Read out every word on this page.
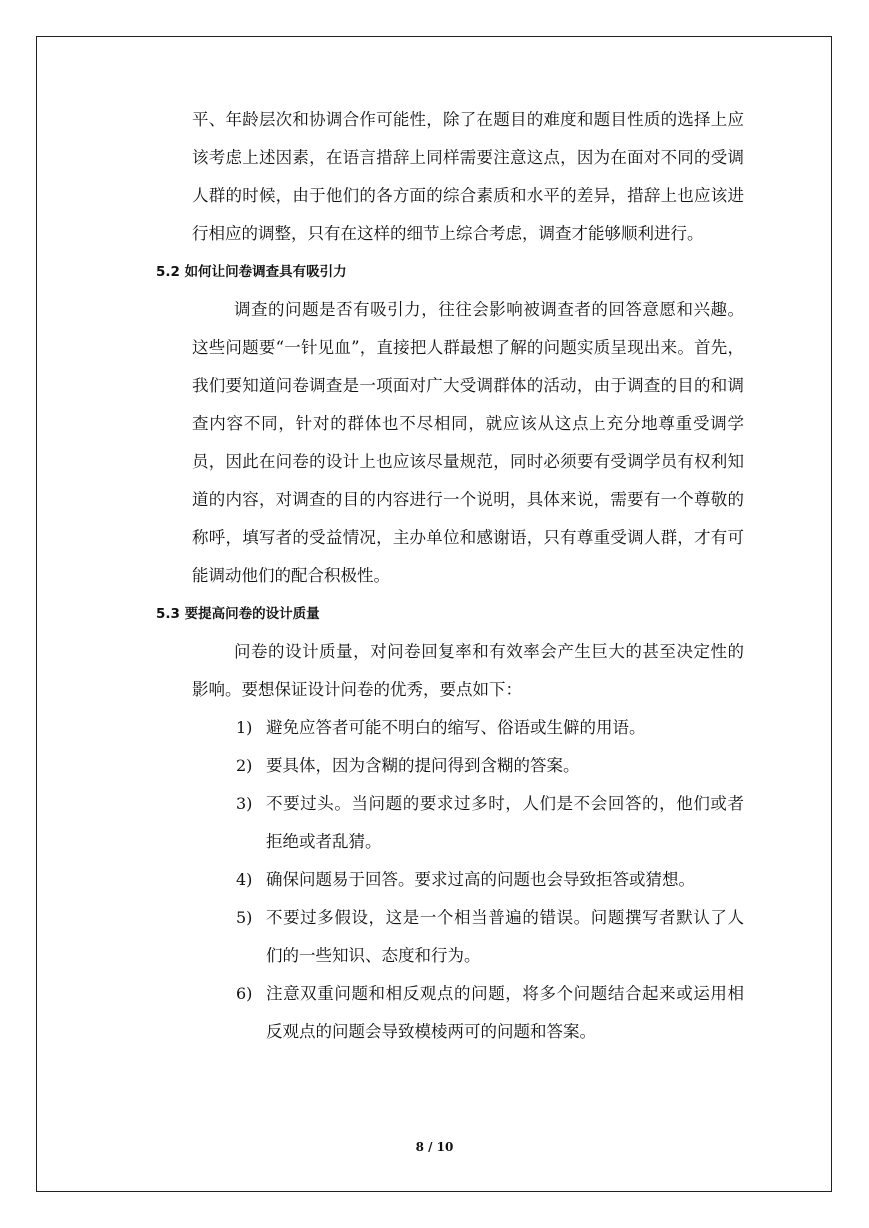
平、年龄层次和协调合作可能性，除了在题目的难度和题目性质的选择上应该考虑上述因素，在语言措辞上同样需要注意这点，因为在面对不同的受调人群的时候，由于他们的各方面的综合素质和水平的差异，措辞上也应该进行相应的调整，只有在这样的细节上综合考虑，调查才能够顺利进行。

5.2 如何让问卷调查具有吸引力

调查的问题是否有吸引力，往往会影响被调查者的回答意愿和兴趣。这些问题要“一针见血”，直接把人群最想了解的问题实质呈现出来。首先，我们要知道问卷调查是一项面对广大受调群体的活动，由于调查的目的和调查内容不同，针对的群体也不尽相同，就应该从这点上充分地尊重受调学员，因此在问卷的设计上也应该尽量规范，同时必须要有受调学员有权利知道的内容，对调查的目的内容进行一个说明，具体来说，需要有一个尊敬的称呼，填写者的受益情况，主办单位和感谢语，只有尊重受调人群，才有可能调动他们的配合积极性。

5.3 要提高问卷的设计质量

问卷的设计质量，对问卷回复率和有效率会产生巨大的甚至决定性的影响。要想保证设计问卷的优秀，要点如下：

1) 避免应答者可能不明白的缩写、俗语或生僻的用语。
2) 要具体，因为含糊的提问得到含糊的答案。
3) 不要过头。当问题的要求过多时，人们是不会回答的，他们或者拒绝或者乱猜。
4) 确保问题易于回答。要求过高的问题也会导致拒答或猜想。
5) 不要过多假设，这是一个相当普遍的错误。问题撰写者默认了人们的一些知识、态度和行为。
6) 注意双重问题和相反观点的问题，将多个问题结合起来或运用相反观点的问题会导致模棱两可的问题和答案。
8 / 10
